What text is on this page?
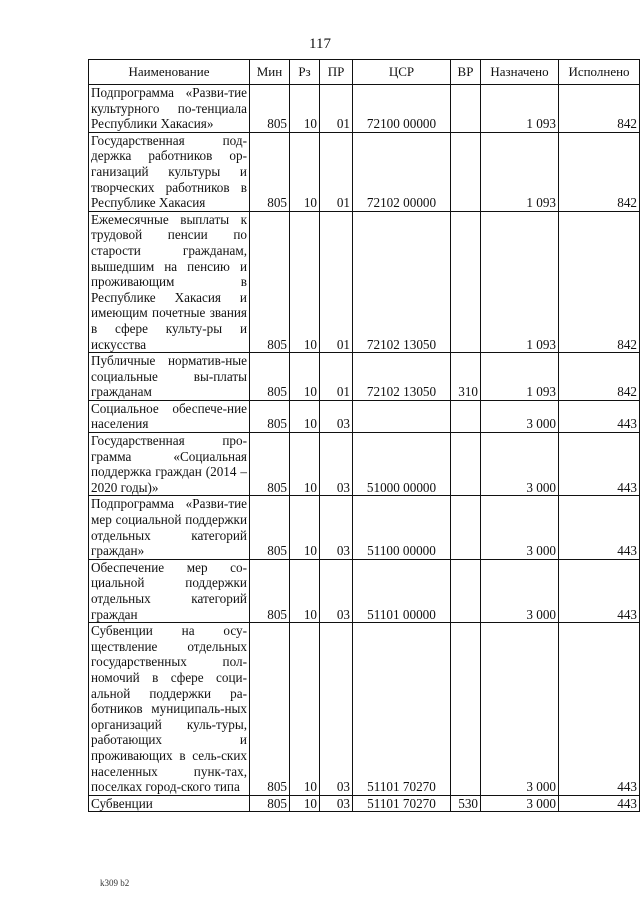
117
Наименование	Мин	Рз	ПР	ЦСР	ВР	Назначено	Исполнено
Подпрограмма «Разви-тие культурного по-тенциала Республики Хакасия»	805	10	01	72100 00000		1 093	842
Государственная под-держка работников ор-ганизаций культуры и творческих работников в Республике Хакасия	805	10	01	72102 00000		1 093	842
Ежемесячные выплаты к трудовой пенсии по старости гражданам, вышедшим на пенсию и проживающим в Республике Хакасия и имеющим почетные звания в сфере культу-ры и искусства	805	10	01	72102 13050		1 093	842
Публичные норматив-ные социальные вы-платы гражданам	805	10	01	72102 13050	310	1 093	842
Социальное обеспече-ние населения	805	10	03			3 000	443
Государственная про-грамма «Социальная поддержка граждан (2014 – 2020 годы)»	805	10	03	51000 00000		3 000	443
Подпрограмма «Разви-тие мер социальной поддержки отдельных категорий граждан»	805	10	03	51100 00000		3 000	443
Обеспечение мер со-циальной поддержки отдельных категорий граждан	805	10	03	51101 00000		3 000	443
Субвенции на осу-ществление отдельных государственных пол-номочий в сфере соци-альной поддержки ра-ботников муниципаль-ных организаций куль-туры, работающих и проживающих в сель-ских населенных пунк-тах, поселках город-ского типа	805	10	03	51101 70270		3 000	443
Субвенции	805	10	03	51101 70270	530	3 000	443
k309 b2
